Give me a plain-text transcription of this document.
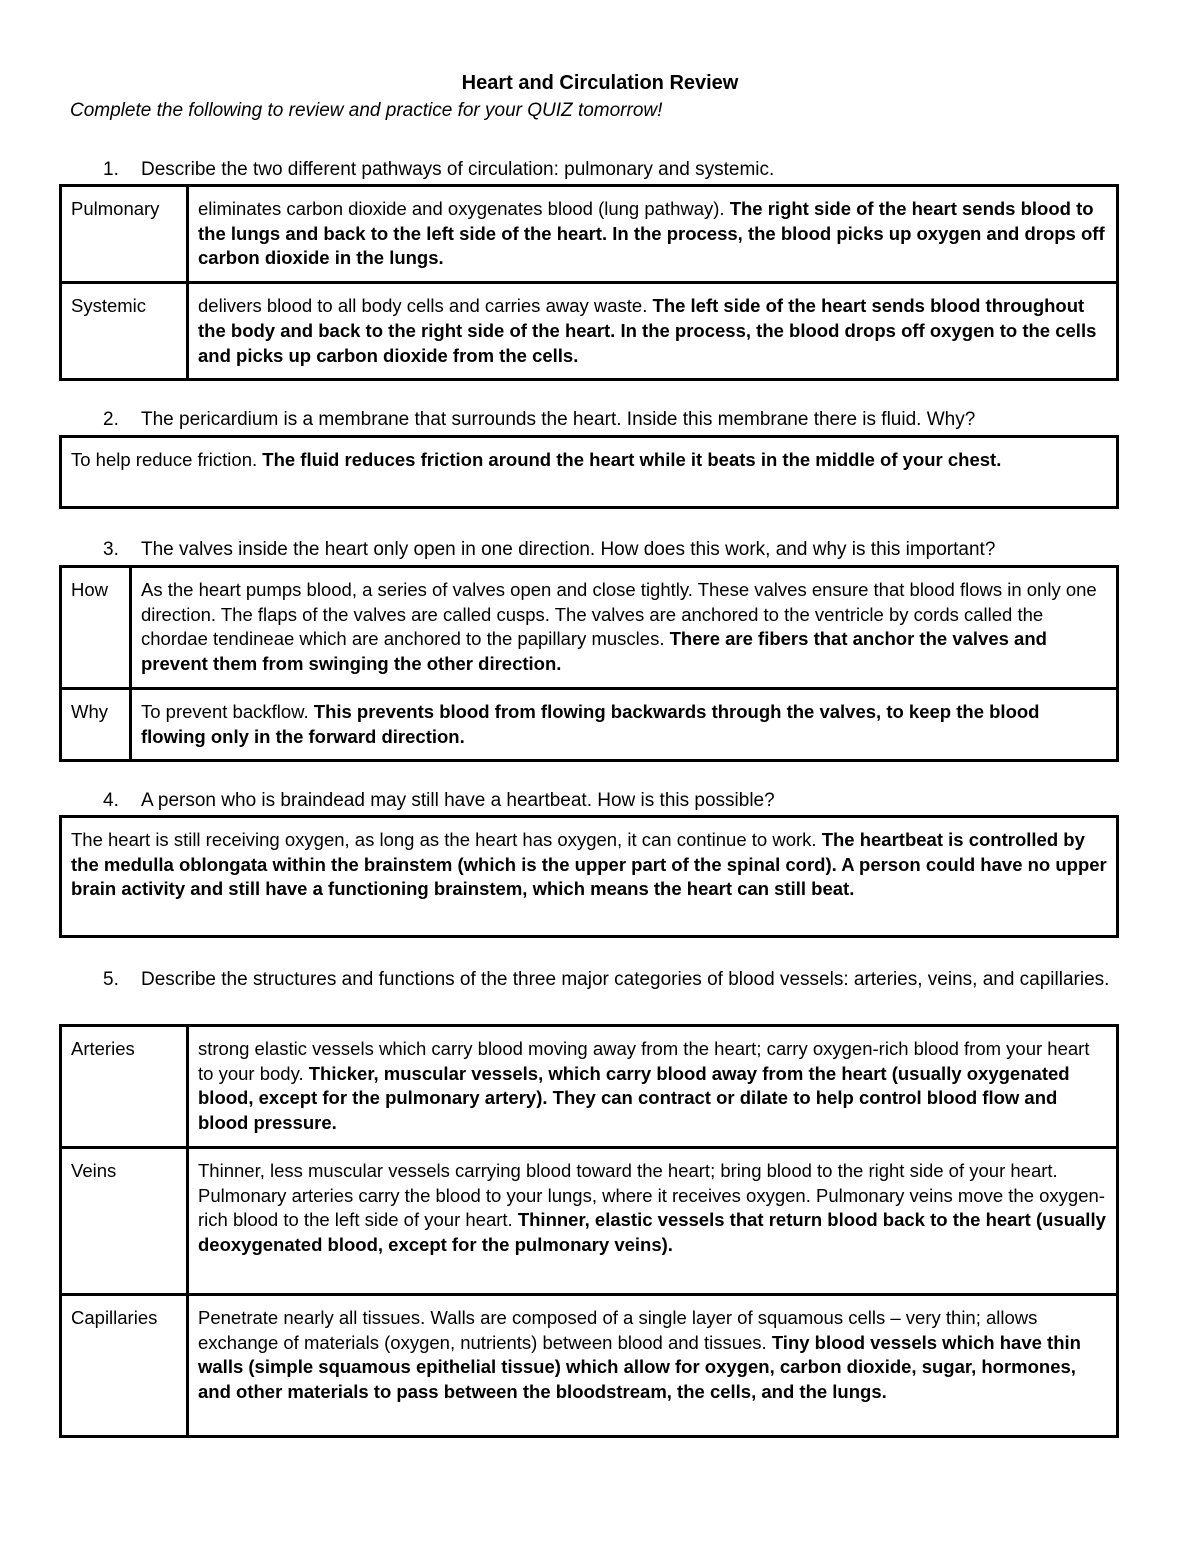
Heart and Circulation Review
Complete the following to review and practice for your QUIZ tomorrow!
1.	Describe the two different pathways of circulation: pulmonary and systemic.
Pulmonary	eliminates carbon dioxide and oxygenates blood (lung pathway). The right side of the heart sends blood to the lungs and back to the left side of the heart. In the process, the blood picks up oxygen and drops off carbon dioxide in the lungs.
Systemic	delivers blood to all body cells and carries away waste. The left side of the heart sends blood throughout the body and back to the right side of the heart. In the process, the blood drops off oxygen to the cells and picks up carbon dioxide from the cells.
2.	The pericardium is a membrane that surrounds the heart. Inside this membrane there is fluid. Why?
To help reduce friction. The fluid reduces friction around the heart while it beats in the middle of your chest.
3.	The valves inside the heart only open in one direction. How does this work, and why is this important?
How	As the heart pumps blood, a series of valves open and close tightly. These valves ensure that blood flows in only one direction. The flaps of the valves are called cusps. The valves are anchored to the ventricle by cords called the chordae tendineae which are anchored to the papillary muscles. There are fibers that anchor the valves and prevent them from swinging the other direction.
Why	To prevent backflow. This prevents blood from flowing backwards through the valves, to keep the blood flowing only in the forward direction.
4.	A person who is braindead may still have a heartbeat. How is this possible?
The heart is still receiving oxygen, as long as the heart has oxygen, it can continue to work. The heartbeat is controlled by the medulla oblongata within the brainstem (which is the upper part of the spinal cord). A person could have no upper brain activity and still have a functioning brainstem, which means the heart can still beat.
5.	Describe the structures and functions of the three major categories of blood vessels: arteries, veins, and capillaries.
Arteries	strong elastic vessels which carry blood moving away from the heart; carry oxygen-rich blood from your heart to your body. Thicker, muscular vessels, which carry blood away from the heart (usually oxygenated blood, except for the pulmonary artery). They can contract or dilate to help control blood flow and blood pressure.
Veins	Thinner, less muscular vessels carrying blood toward the heart; bring blood to the right side of your heart. Pulmonary arteries carry the blood to your lungs, where it receives oxygen. Pulmonary veins move the oxygen-rich blood to the left side of your heart. Thinner, elastic vessels that return blood back to the heart (usually deoxygenated blood, except for the pulmonary veins).
Capillaries	Penetrate nearly all tissues. Walls are composed of a single layer of squamous cells – very thin; allows exchange of materials (oxygen, nutrients) between blood and tissues. Tiny blood vessels which have thin walls (simple squamous epithelial tissue) which allow for oxygen, carbon dioxide, sugar, hormones, and other materials to pass between the bloodstream, the cells, and the lungs.
